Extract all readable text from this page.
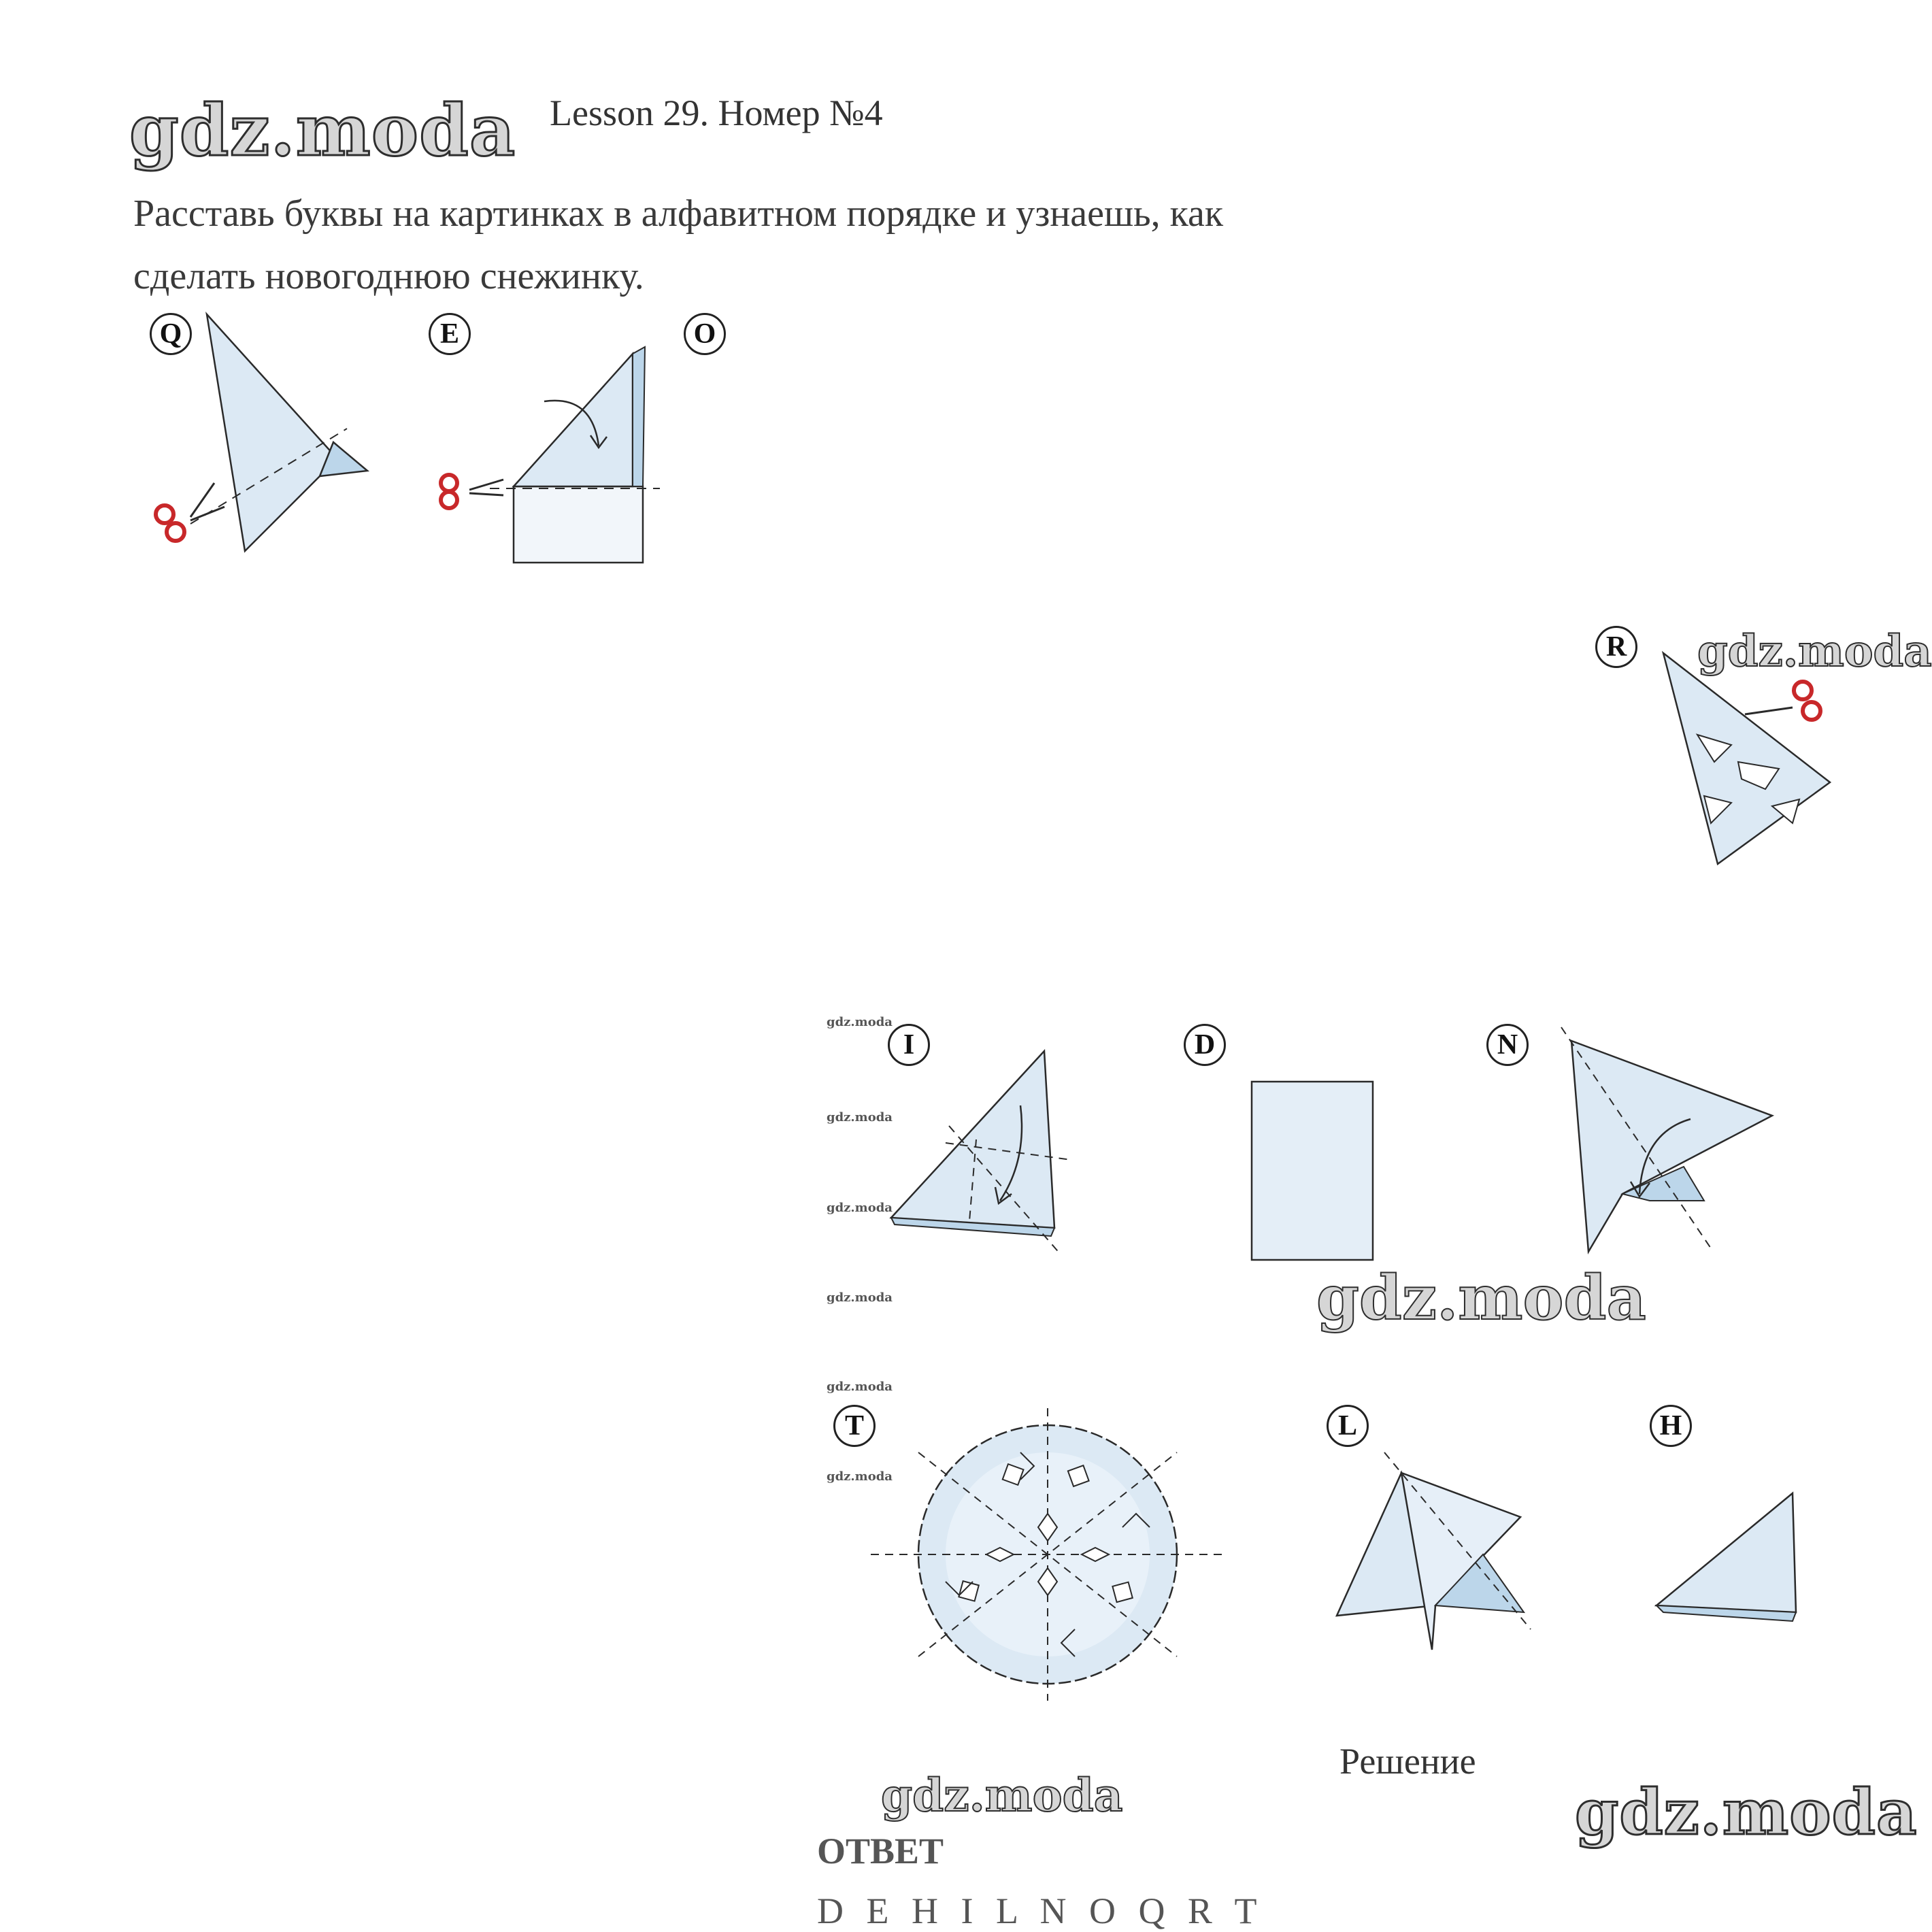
gdz.moda Lesson 29. Номер №4
Расставь буквы на картинках в алфавитном порядке и узнаешь, как сделать новогоднюю снежинку.
Q	E	O
R gdz.moda
gdz.moda
gdz.moda
gdz.moda
gdz.moda
I	D	N
gdz.moda
gdz.moda
gdz.moda
T	L	H
Решение
gdz.moda	gdz.moda
ОТВЕТ
D E H I L N O Q R T
